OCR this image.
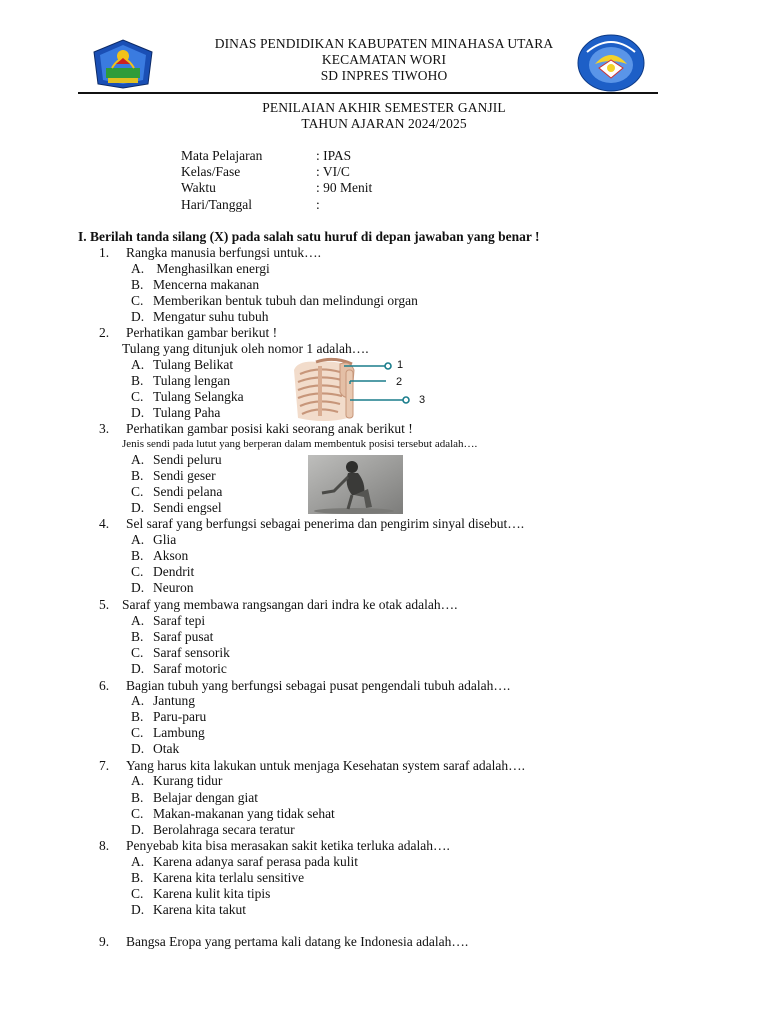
DINAS PENDIDIKAN KABUPATEN MINAHASA UTARA
KECAMATAN WORI
SD INPRES TIWOHO
PENILAIAN AKHIR SEMESTER GANJIL
TAHUN AJARAN 2024/2025
Mata Pelajaran	: IPAS
Kelas/Fase	: VI/C
Waktu	: 90 Menit
Hari/Tanggal	:
I. Berilah tanda silang (X) pada salah satu huruf di depan jawaban yang benar !
1. Rangka manusia berfungsi untuk….
A. Menghasilkan energi
B. Mencerna makanan
C. Memberikan bentuk tubuh dan melindungi organ
D. Mengatur suhu tubuh
2. Perhatikan gambar berikut !
Tulang yang ditunjuk oleh nomor 1 adalah….
A. Tulang Belikat
B. Tulang lengan
C. Tulang Selangka
D. Tulang Paha
1
2
3
3. Perhatikan gambar posisi kaki seorang anak berikut !
Jenis sendi pada lutut yang berperan dalam membentuk posisi tersebut adalah….
A. Sendi peluru
B. Sendi geser
C. Sendi pelana
D. Sendi engsel
4. Sel saraf yang berfungsi sebagai penerima dan pengirim sinyal disebut….
A. Glia
B. Akson
C. Dendrit
D. Neuron
5. Saraf yang membawa rangsangan dari indra ke otak adalah….
A. Saraf tepi
B. Saraf pusat
C. Saraf sensorik
D. Saraf motoric
6. Bagian tubuh yang berfungsi sebagai pusat pengendali tubuh adalah….
A. Jantung
B. Paru-paru
C. Lambung
D. Otak
7. Yang harus kita lakukan untuk menjaga Kesehatan system saraf adalah….
A. Kurang tidur
B. Belajar dengan giat
C. Makan-makanan yang tidak sehat
D. Berolahraga secara teratur
8. Penyebab kita bisa merasakan sakit ketika terluka adalah….
A. Karena adanya saraf perasa pada kulit
B. Karena kita terlalu sensitive
C. Karena kulit kita tipis
D. Karena kita takut
9. Bangsa Eropa yang pertama kali datang ke Indonesia adalah….
